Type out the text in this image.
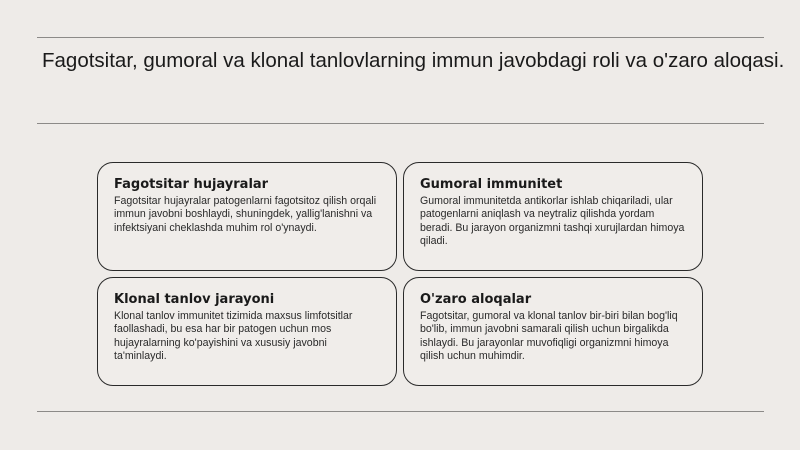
Fagotsitar, gumoral va klonal tanlovlarning immun javobdagi roli va o'zaro aloqasi.
Fagotsitar hujayralar

Fagotsitar hujayralar patogenlarni fagotsitoz qilish orqali immun javobni boshlaydi, shuningdek, yallig'lanishni va infektsiyani cheklashda muhim rol o'ynaydi.

Gumoral immunitet

Gumoral immunitetda antikorlar ishlab chiqariladi, ular patogenlarni aniqlash va neytraliz qilishda yordam beradi. Bu jarayon organizmni tashqi xurujlardan himoya qiladi.

Klonal tanlov jarayoni

Klonal tanlov immunitet tizimida maxsus limfotsitlar faollashadi, bu esa har bir patogen uchun mos hujayralarning ko'payishini va xususiy javobni ta'minlaydi.

O'zaro aloqalar

Fagotsitar, gumoral va klonal tanlov bir-biri bilan bog'liq bo'lib, immun javobni samarali qilish uchun birgalikda ishlaydi. Bu jarayonlar muvofiqligi organizmni himoya qilish uchun muhimdir.
